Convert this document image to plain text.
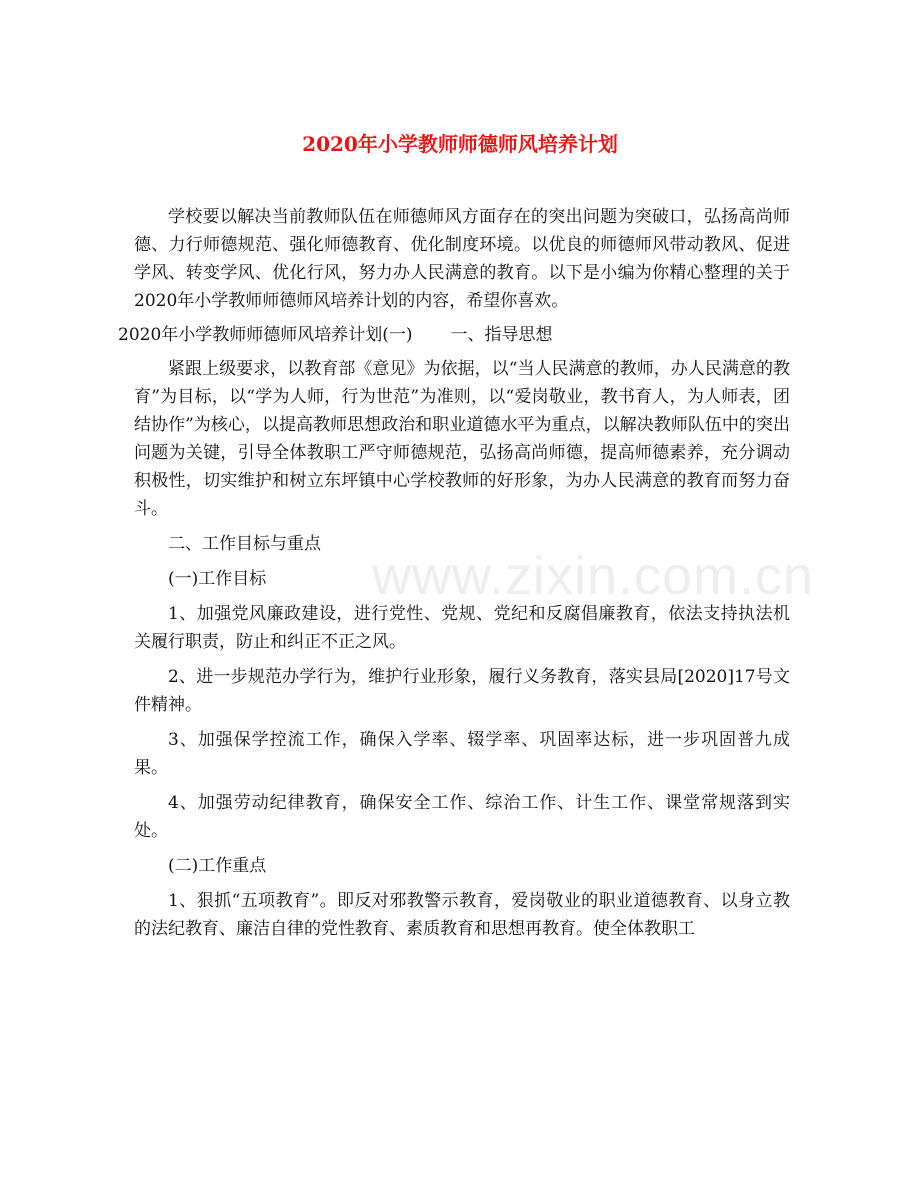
2020年小学教师师德师风培养计划
www.zixin.com.cn

学校要以解决当前教师队伍在师德师风方面存在的突出问题为突破口，弘扬高尚师德、力行师德规范、强化师德教育、优化制度环境。以优良的师德师风带动教风、促进学风、转变学风、优化行风，努力办人民满意的教育。以下是小编为你精心整理的关于2020年小学教师师德师风培养计划的内容，希望你喜欢。

2020年小学教师师德师风培养计划(一) 一、指导思想

紧跟上级要求，以教育部《意见》为依据，以“当人民满意的教师，办人民满意的教育”为目标，以“学为人师，行为世范”为准则，以“爱岗敬业，教书育人，为人师表，团结协作”为核心，以提高教师思想政治和职业道德水平为重点，以解决教师队伍中的突出问题为关键，引导全体教职工严守师德规范，弘扬高尚师德，提高师德素养，充分调动积极性，切实维护和树立东坪镇中心学校教师的好形象，为办人民满意的教育而努力奋斗。

二、工作目标与重点

(一)工作目标

1、加强党风廉政建设，进行党性、党规、党纪和反腐倡廉教育，依法支持执法机关履行职责，防止和纠正不正之风。

2、进一步规范办学行为，维护行业形象，履行义务教育，落实县局[2020]17号文件精神。

3、加强保学控流工作，确保入学率、辍学率、巩固率达标，进一步巩固普九成果。

4、加强劳动纪律教育，确保安全工作、综治工作、计生工作、课堂常规落到实处。

(二)工作重点

1、狠抓“五项教育”。即反对邪教警示教育，爱岗敬业的职业道德教育、以身立教的法纪教育、廉洁自律的党性教育、素质教育和思想再教育。使全体教职工
